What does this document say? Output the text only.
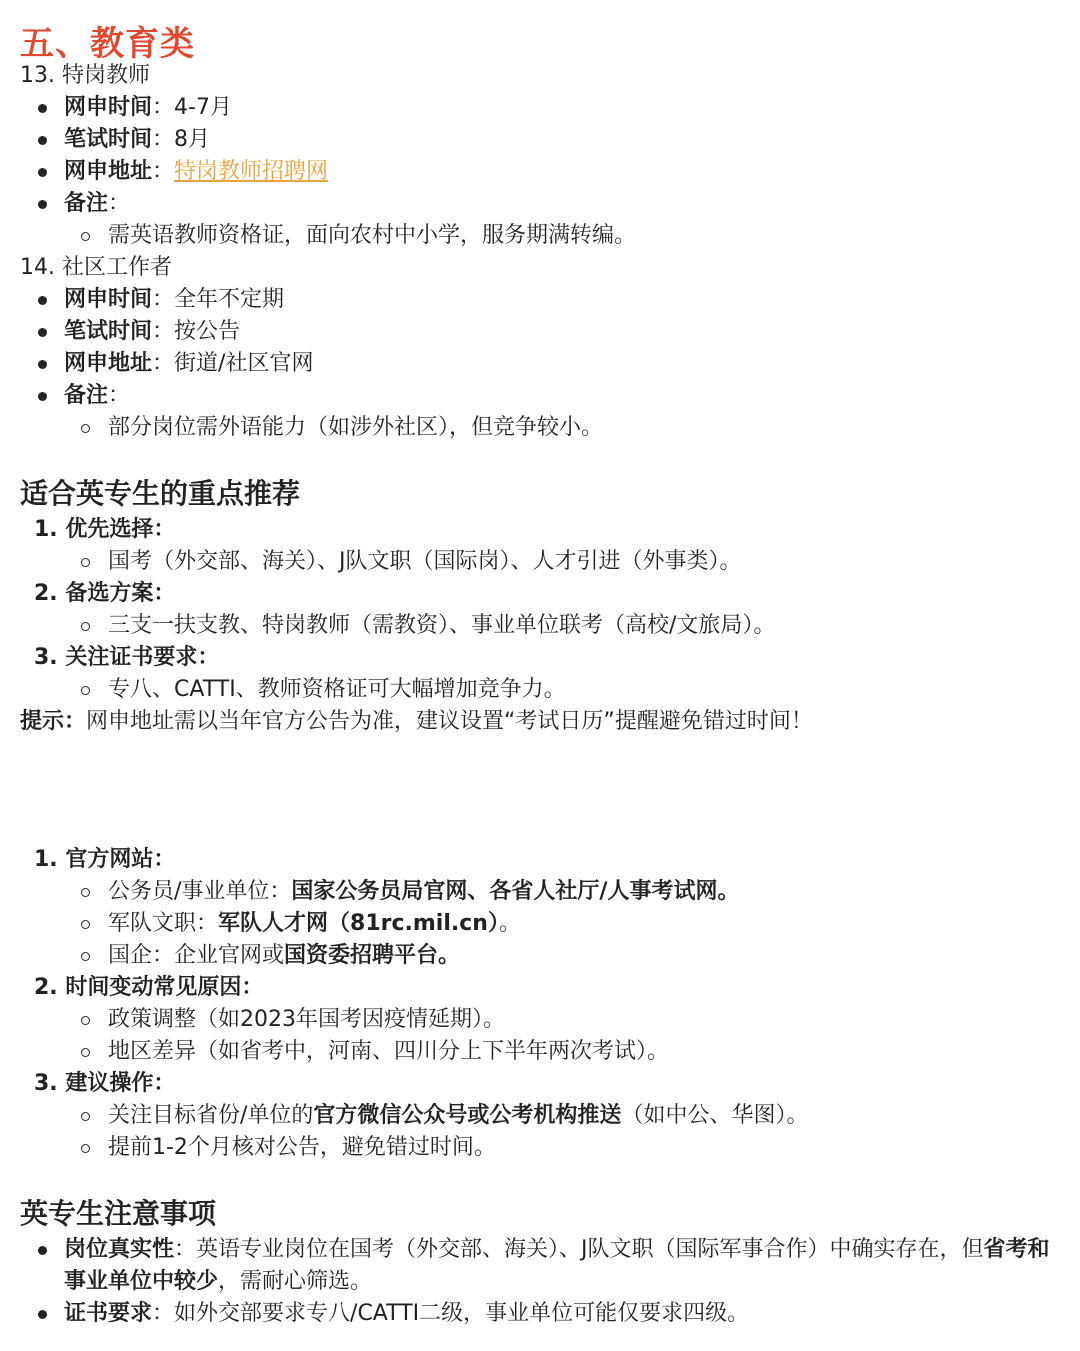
五、教育类
13. 特岗教师
网申时间：4-7月
笔试时间：8月
网申地址：特岗教师招聘网
备注：
需英语教师资格证，面向农村中小学，服务期满转编。
14. 社区工作者
网申时间：全年不定期
笔试时间：按公告
网申地址：街道/社区官网
备注：
部分岗位需外语能力（如涉外社区），但竞争较小。
适合英专生的重点推荐
1. 优先选择：
国考（外交部、海关）、J队文职（国际岗）、人才引进（外事类）。
2. 备选方案：
三支一扶支教、特岗教师（需教资）、事业单位联考（高校/文旅局）。
3. 关注证书要求：
专八、CATTI、教师资格证可大幅增加竞争力。
提示：网申地址需以当年官方公告为准，建议设置“考试日历”提醒避免错过时间！
1. 官方网站：
公务员/事业单位：国家公务员局官网、各省人社厅/人事考试网。
军队文职：军队人才网（81rc.mil.cn）。
国企：企业官网或国资委招聘平台。
2. 时间变动常见原因：
政策调整（如2023年国考因疫情延期）。
地区差异（如省考中，河南、四川分上下半年两次考试）。
3. 建议操作：
关注目标省份/单位的官方微信公众号或公考机构推送（如中公、华图）。
提前1-2个月核对公告，避免错过时间。
英专生注意事项
岗位真实性：英语专业岗位在国考（外交部、海关）、J队文职（国际军事合作）中确实存在，但省考和事业单位中较少，需耐心筛选。
证书要求：如外交部要求专八/CATTI二级，事业单位可能仅要求四级。
